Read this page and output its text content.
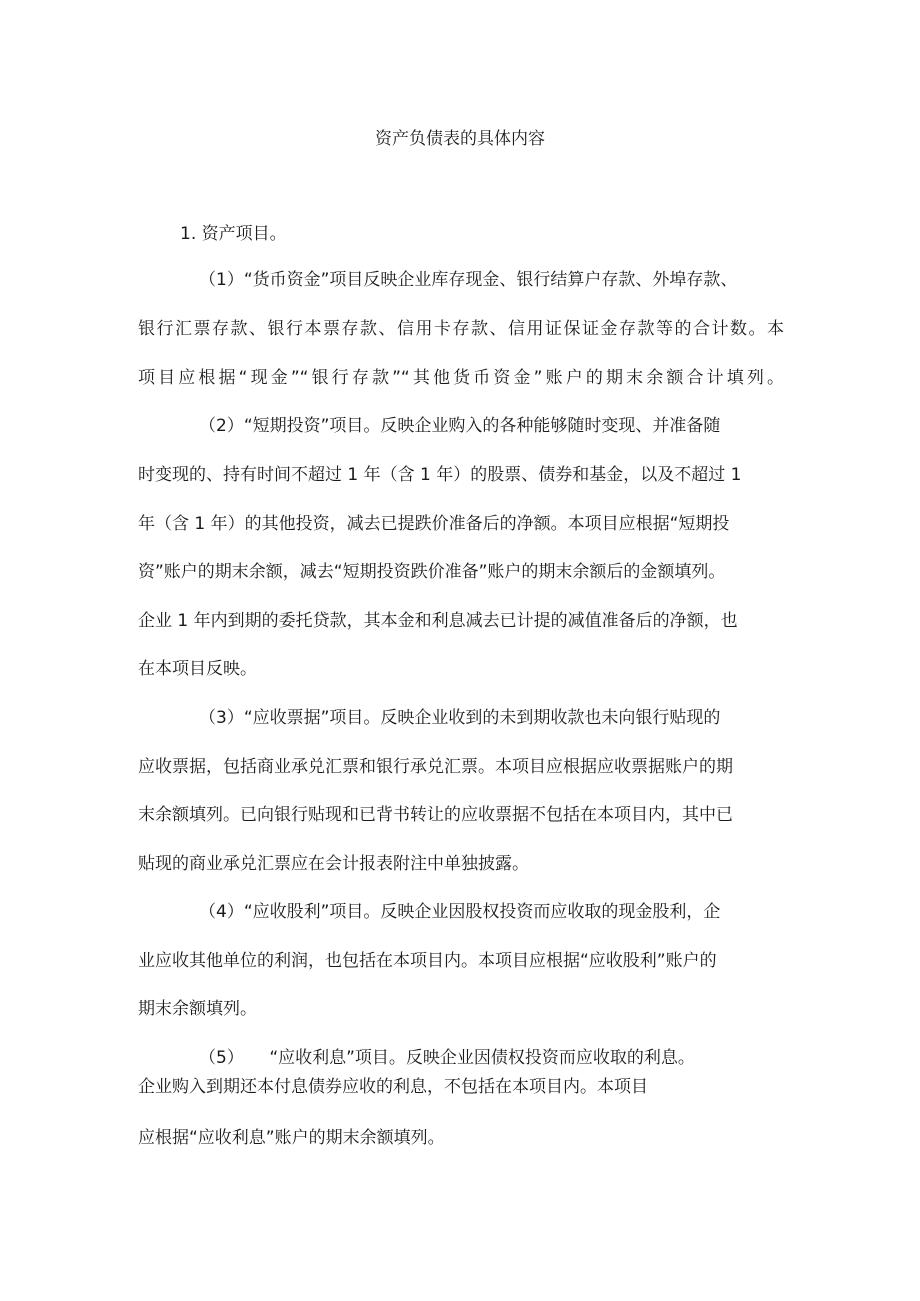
资产负债表的具体内容
1. 资产项目。
（1）“货币资金”项目反映企业库存现金、银行结算户存款、外埠存款、
银行汇票存款、银行本票存款、信用卡存款、信用证保证金存款等的合计数。本
项目应根据“现金”“银行存款”“其他货币资金”账户的期末余额合计填列。
（2）“短期投资”项目。反映企业购入的各种能够随时变现、并准备随
时变现的、持有时间不超过 1 年（含 1 年）的股票、债券和基金，以及不超过 1
年（含 1 年）的其他投资，减去已提跌价准备后的净额。本项目应根据“短期投
资”账户的期末余额，减去“短期投资跌价准备”账户的期末余额后的金额填列。
企业 1 年内到期的委托贷款，其本金和利息减去已计提的减值准备后的净额，也
在本项目反映。
（3）“应收票据”项目。反映企业收到的未到期收款也未向银行贴现的
应收票据，包括商业承兑汇票和银行承兑汇票。本项目应根据应收票据账户的期
末余额填列。已向银行贴现和已背书转让的应收票据不包括在本项目内，其中已
贴现的商业承兑汇票应在会计报表附注中单独披露。
（4）“应收股利”项目。反映企业因股权投资而应收取的现金股利，企
业应收其他单位的利润，也包括在本项目内。本项目应根据“应收股利”账户的
期末余额填列。
（5）　　“应收利息”项目。反映企业因债权投资而应收取的利息。
企业购入到期还本付息债券应收的利息，不包括在本项目内。本项目
应根据“应收利息”账户的期末余额填列。
